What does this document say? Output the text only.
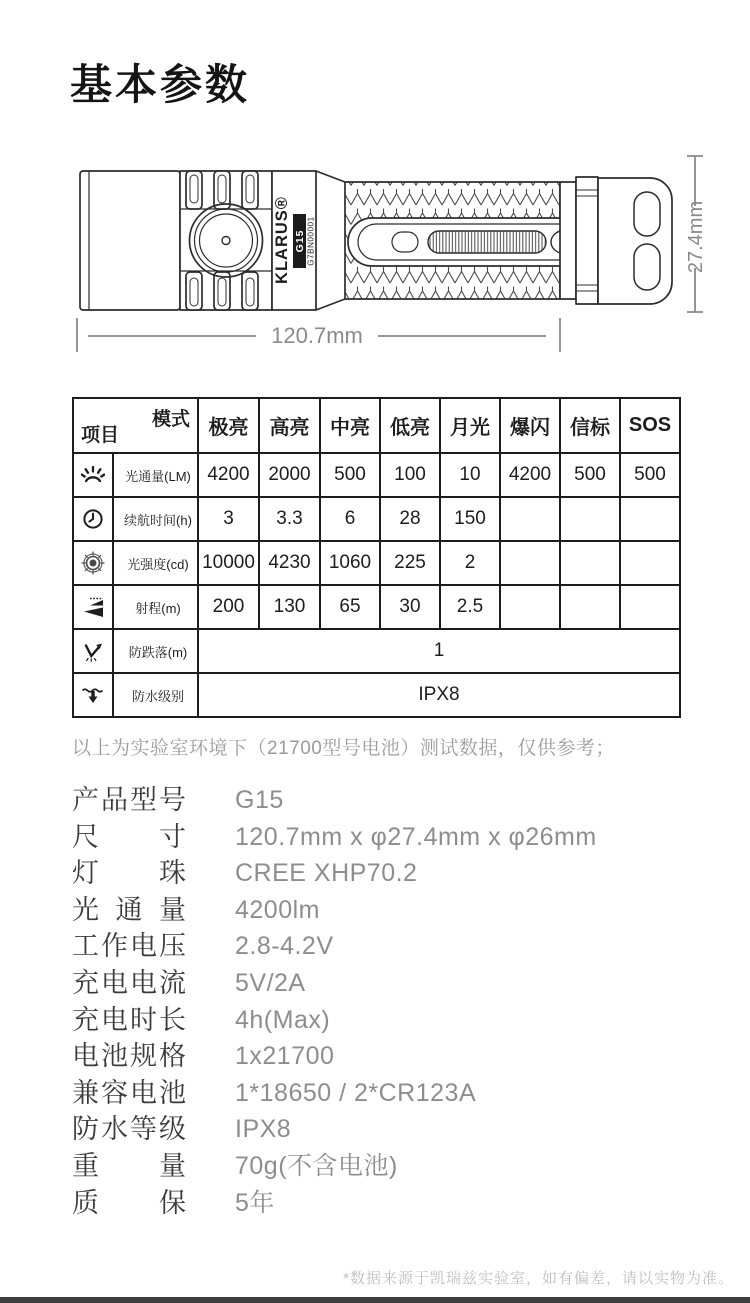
基本参数
KLARUS® G15 G7BN00001
120.7mm
27.4mm
模式
项目		极亮	高亮	中亮	低亮	月光	爆闪	信标	SOS

	光通量(LM)	4200	2000	500	100	10	4200	500	500

	续航时间(h)	3	3.3	6	28	150			

	光强度(cd)	10000	4230	1060	225	2			

	射程(m)	200	130	65	30	2.5			

	防跌落(m)	1							

	防水级别	IPX8							

以上为实验室环境下（21700型号电池）测试数据，仅供参考；

产品型号 G15
尺寸 120.7mm x φ27.4mm x φ26mm
灯珠 CREE XHP70.2
光通量 4200lm
工作电压 2.8-4.2V
充电电流 5V/2A
充电时长 4h(Max)
电池规格 1x21700
兼容电池 1*18650 / 2*CR123A
防水等级 IPX8
重量 70g(不含电池)
质保 5年

*数据来源于凯瑞兹实验室，如有偏差，请以实物为准。
